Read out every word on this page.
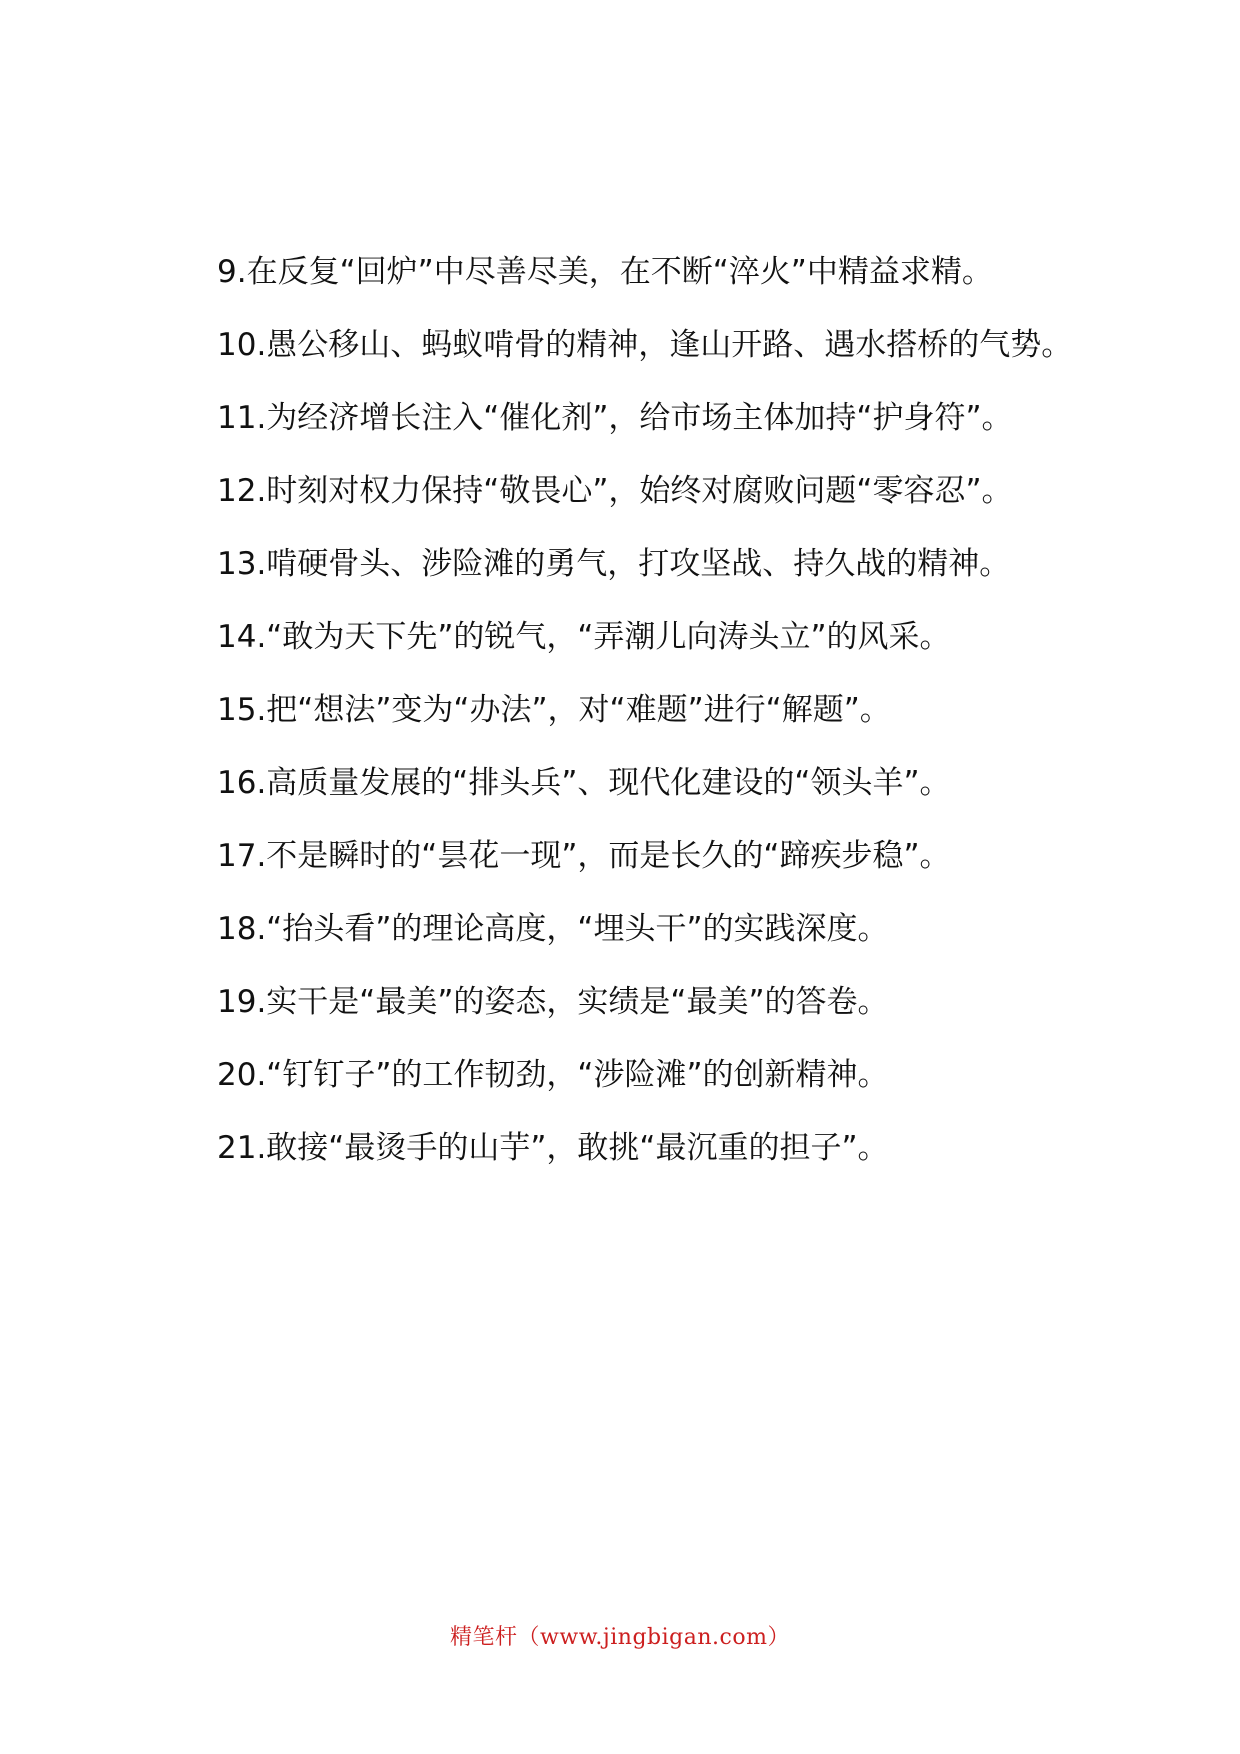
9.在反复“回炉”中尽善尽美，在不断“淬火”中精益求精。

10.愚公移山、蚂蚁啃骨的精神，逢山开路、遇水搭桥的气势。

11.为经济增长注入“催化剂”，给市场主体加持“护身符”。

12.时刻对权力保持“敬畏心”，始终对腐败问题“零容忍”。

13.啃硬骨头、涉险滩的勇气，打攻坚战、持久战的精神。

14.“敢为天下先”的锐气，“弄潮儿向涛头立”的风采。

15.把“想法”变为“办法”，对“难题”进行“解题”。

16.高质量发展的“排头兵”、现代化建设的“领头羊”。

17.不是瞬时的“昙花一现”，而是长久的“蹄疾步稳”。

18.“抬头看”的理论高度，“埋头干”的实践深度。

19.实干是“最美”的姿态，实绩是“最美”的答卷。

20.“钉钉子”的工作韧劲，“涉险滩”的创新精神。

21.敢接“最烫手的山芋”，敢挑“最沉重的担子”。

精笔杆（www.jingbigan.com）
